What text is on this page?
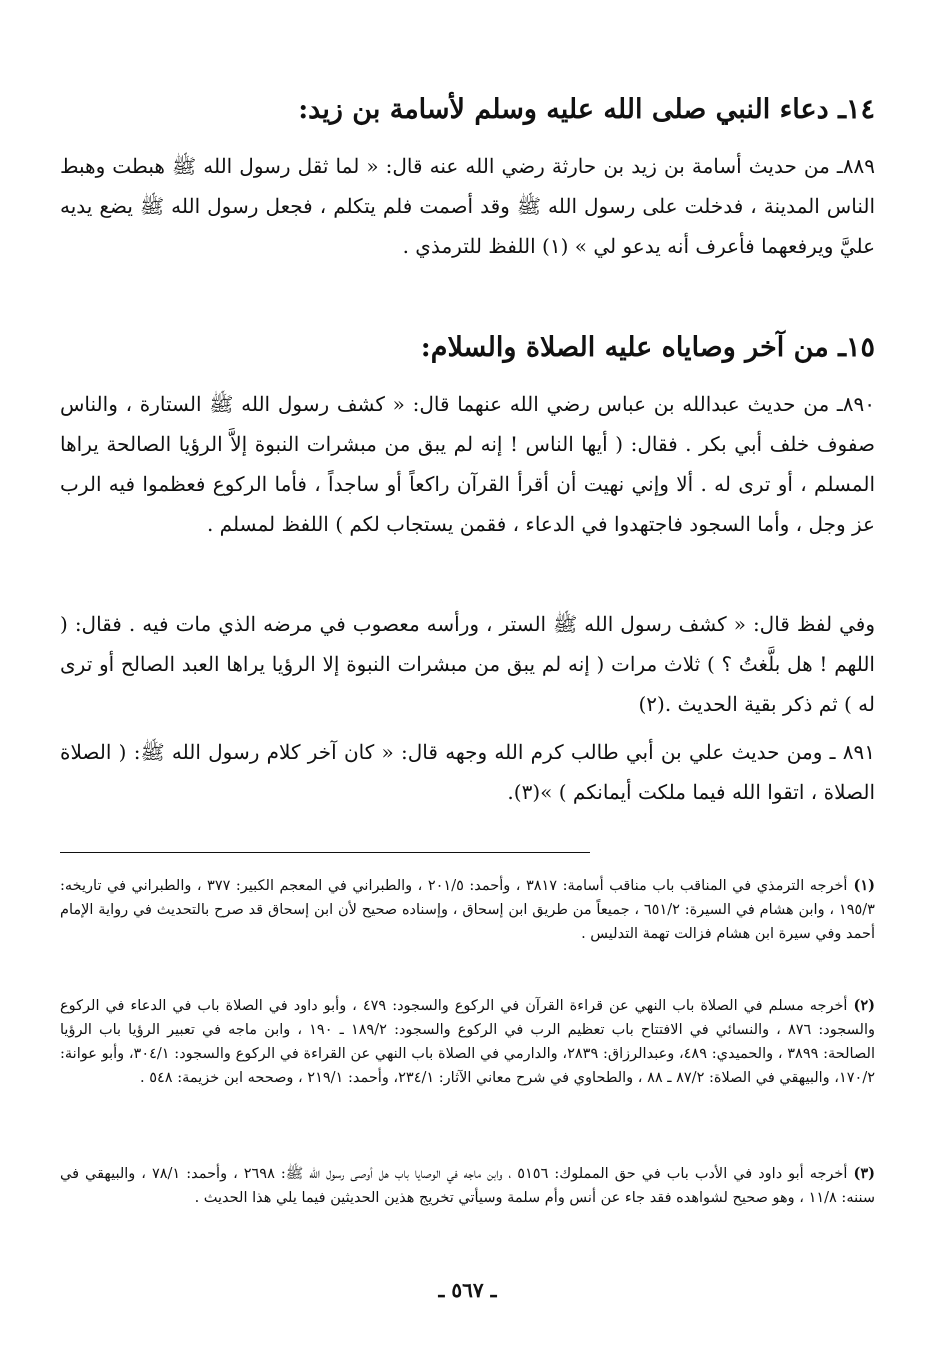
١٤ـ دعاء النبي صلى الله عليه وسلم لأسامة بن زيد:

٨٨٩ـ من حديث أسامة بن زيد بن حارثة رضي الله عنه قال: « لما ثقل رسول الله ﷺ هبطت وهبط الناس المدينة ، فدخلت على رسول الله ﷺ وقد أصمت فلم يتكلم ، فجعل رسول الله ﷺ يضع يديه عليَّ ويرفعهما فأعرف أنه يدعو لي » (١) اللفظ للترمذي .

١٥ـ من آخر وصاياه عليه الصلاة والسلام:

٨٩٠ـ من حديث عبدالله بن عباس رضي الله عنهما قال: « كشف رسول الله ﷺ الستارة ، والناس صفوف خلف أبي بكر . فقال: ( أيها الناس ! إنه لم يبق من مبشرات النبوة إلاَّ الرؤيا الصالحة يراها المسلم ، أو ترى له . ألا وإني نهيت أن أقرأ القرآن راكعاً أو ساجداً ، فأما الركوع فعظموا فيه الرب عز وجل ، وأما السجود فاجتهدوا في الدعاء ، فقمن يستجاب لكم ) اللفظ لمسلم .

وفي لفظ قال: « كشف رسول الله ﷺ الستر ، ورأسه معصوب في مرضه الذي مات فيه . فقال: ( اللهم ! هل بلَّغتُ ؟ ) ثلاث مرات ( إنه لم يبق من مبشرات النبوة إلا الرؤيا يراها العبد الصالح أو ترى له ) ثم ذكر بقية الحديث .(٢)

٨٩١ ـ ومن حديث علي بن أبي طالب كرم الله وجهه قال: « كان آخر كلام رسول الله ﷺ: ( الصلاة الصلاة ، اتقوا الله فيما ملكت أيمانكم ) »(٣).

(١)أخرجه الترمذي في المناقب باب مناقب أسامة: ٣٨١٧ ، وأحمد: ٢٠١/٥ ، والطبراني في المعجم الكبير: ٣٧٧ ، والطبراني في تاريخه: ١٩٥/٣ ، وابن هشام في السيرة: ٦٥١/٢ ، جميعاً من طريق ابن إسحاق ، وإسناده صحيح لأن ابن إسحاق قد صرح بالتحديث في رواية الإمام أحمد وفي سيرة ابن هشام فزالت تهمة التدليس .
(٢)أخرجه مسلم في الصلاة باب النهي عن قراءة القرآن في الركوع والسجود: ٤٧٩ ، وأبو داود في الصلاة باب في الدعاء في الركوع والسجود: ٨٧٦ ، والنسائي في الافتتاح باب تعظيم الرب في الركوع والسجود: ١٨٩/٢ ـ ١٩٠ ، وابن ماجه في تعبير الرؤيا باب الرؤيا الصالحة: ٣٨٩٩ ، والحميدي: ٤٨٩، وعبدالرزاق: ٢٨٣٩، والدارمي في الصلاة باب النهي عن القراءة في الركوع والسجود: ٣٠٤/١، وأبو عوانة: ١٧٠/٢، والبيهقي في الصلاة: ٨٧/٢ ـ ٨٨ ، والطحاوي في شرح معاني الآثار: ٢٣٤/١، وأحمد: ٢١٩/١ ، وصححه ابن خزيمة: ٥٤٨ .
(٣)أخرجه أبو داود في الأدب باب في حق المملوك: ٥١٥٦ ، وابن ماجه في الوصايا باب هل أوصى رسول الله ﷺ: ٢٦٩٨ ، وأحمد: ٧٨/١ ، والبيهقي في سننه: ١١/٨ ، وهو صحيح لشواهده فقد جاء عن أنس وأم سلمة وسيأتي تخريج هذين الحديثين فيما يلي هذا الحديث .
ـ ٥٦٧ ـ
